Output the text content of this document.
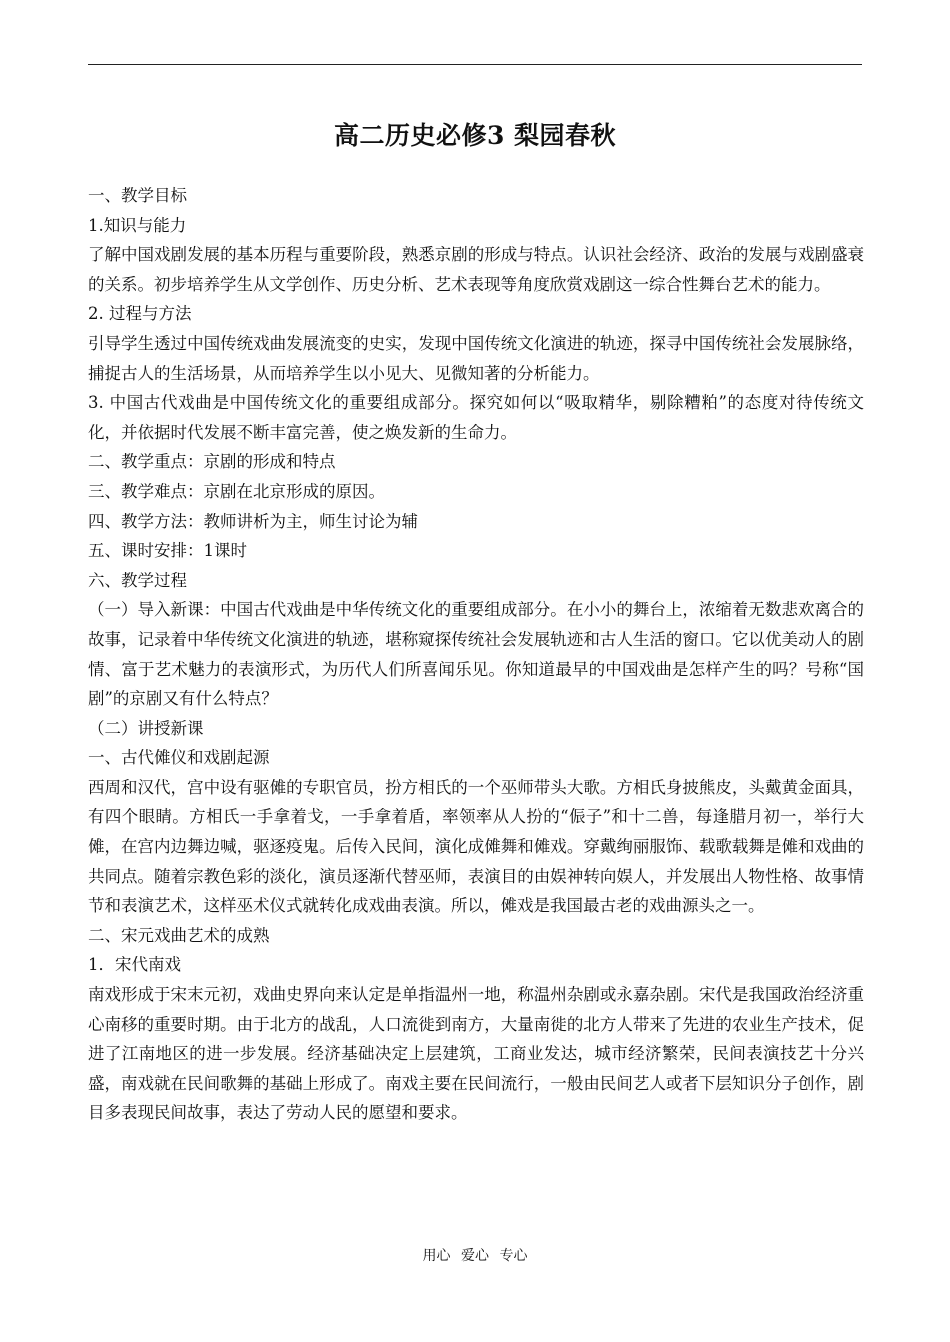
高二历史必修3 梨园春秋

一、教学目标

1.知识与能力

了解中国戏剧发展的基本历程与重要阶段，熟悉京剧的形成与特点。认识社会经济、政治的发展与戏剧盛衰的关系。初步培养学生从文学创作、历史分析、艺术表现等角度欣赏戏剧这一综合性舞台艺术的能力。

2. 过程与方法

引导学生透过中国传统戏曲发展流变的史实，发现中国传统文化演进的轨迹，探寻中国传统社会发展脉络，捕捉古人的生活场景，从而培养学生以小见大、见微知著的分析能力。

3. 中国古代戏曲是中国传统文化的重要组成部分。探究如何以“吸取精华，剔除糟粕”的态度对待传统文化，并依据时代发展不断丰富完善，使之焕发新的生命力。

二、教学重点：京剧的形成和特点

三、教学难点：京剧在北京形成的原因。

四、教学方法：教师讲析为主，师生讨论为辅

五、课时安排：1课时

六、教学过程

（一）导入新课：中国古代戏曲是中华传统文化的重要组成部分。在小小的舞台上，浓缩着无数悲欢离合的故事，记录着中华传统文化演进的轨迹，堪称窥探传统社会发展轨迹和古人生活的窗口。它以优美动人的剧情、富于艺术魅力的表演形式，为历代人们所喜闻乐见。你知道最早的中国戏曲是怎样产生的吗？号称“国剧”的京剧又有什么特点？

（二）讲授新课

一、古代傩仪和戏剧起源

西周和汉代，宫中设有驱傩的专职官员，扮方相氏的一个巫师带头大歌。方相氏身披熊皮，头戴黄金面具，有四个眼睛。方相氏一手拿着戈，一手拿着盾，率领率从人扮的“侲子”和十二兽，每逢腊月初一，举行大傩，在宫内边舞边喊，驱逐疫鬼。后传入民间，演化成傩舞和傩戏。穿戴绚丽服饰、载歌载舞是傩和戏曲的共同点。随着宗教色彩的淡化，演员逐渐代替巫师，表演目的由娱神转向娱人，并发展出人物性格、故事情节和表演艺术，这样巫术仪式就转化成戏曲表演。所以，傩戏是我国最古老的戏曲源头之一。

二、宋元戏曲艺术的成熟

1．宋代南戏

南戏形成于宋末元初，戏曲史界向来认定是单指温州一地，称温州杂剧或永嘉杂剧。宋代是我国政治经济重心南移的重要时期。由于北方的战乱，人口流徙到南方，大量南徙的北方人带来了先进的农业生产技术，促进了江南地区的进一步发展。经济基础决定上层建筑，工商业发达，城市经济繁荣，民间表演技艺十分兴盛，南戏就在民间歌舞的基础上形成了。南戏主要在民间流行，一般由民间艺人或者下层知识分子创作，剧目多表现民间故事，表达了劳动人民的愿望和要求。

用心 爱心 专心
